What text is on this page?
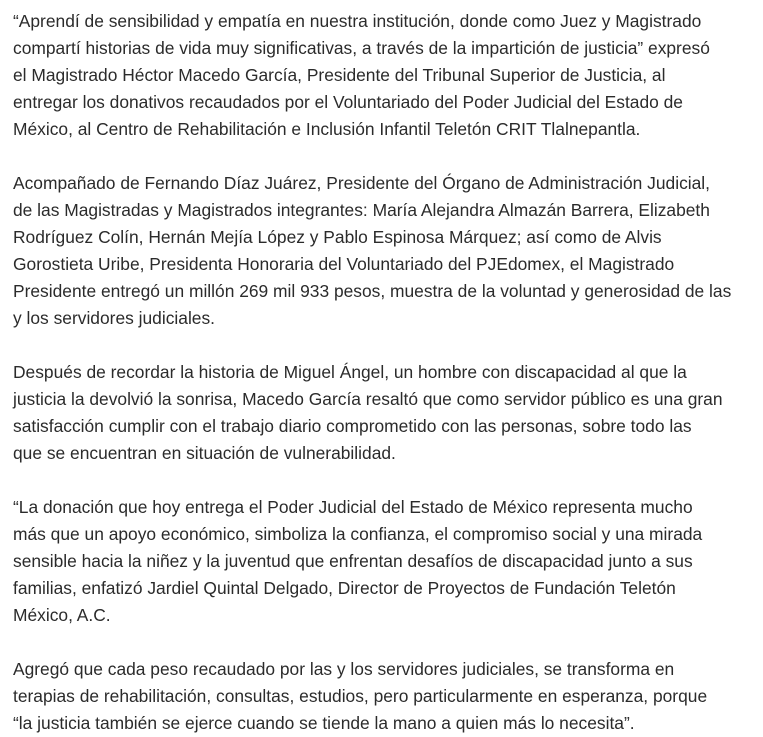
“Aprendí de sensibilidad y empatía en nuestra institución, donde como Juez y Magistrado
compartí historias de vida muy significativas, a través de la impartición de justicia” expresó
el Magistrado Héctor Macedo García, Presidente del Tribunal Superior de Justicia, al
entregar los donativos recaudados por el Voluntariado del Poder Judicial del Estado de
México, al Centro de Rehabilitación e Inclusión Infantil Teletón CRIT Tlalnepantla.

Acompañado de Fernando Díaz Juárez, Presidente del Órgano de Administración Judicial,
de las Magistradas y Magistrados integrantes: María Alejandra Almazán Barrera, Elizabeth
Rodríguez Colín, Hernán Mejía López y Pablo Espinosa Márquez; así como de Alvis
Gorostieta Uribe, Presidenta Honoraria del Voluntariado del PJEdomex, el Magistrado
Presidente entregó un millón 269 mil 933 pesos, muestra de la voluntad y generosidad de las
y los servidores judiciales.

Después de recordar la historia de Miguel Ángel, un hombre con discapacidad al que la
justicia la devolvió la sonrisa, Macedo García resaltó que como servidor público es una gran
satisfacción cumplir con el trabajo diario comprometido con las personas, sobre todo las
que se encuentran en situación de vulnerabilidad.

“La donación que hoy entrega el Poder Judicial del Estado de México representa mucho
más que un apoyo económico, simboliza la confianza, el compromiso social y una mirada
sensible hacia la niñez y la juventud que enfrentan desafíos de discapacidad junto a sus
familias, enfatizó Jardiel Quintal Delgado, Director de Proyectos de Fundación Teletón
México, A.C.

Agregó que cada peso recaudado por las y los servidores judiciales, se transforma en
terapias de rehabilitación, consultas, estudios, pero particularmente en esperanza, porque
“la justicia también se ejerce cuando se tiende la mano a quien más lo necesita”.
